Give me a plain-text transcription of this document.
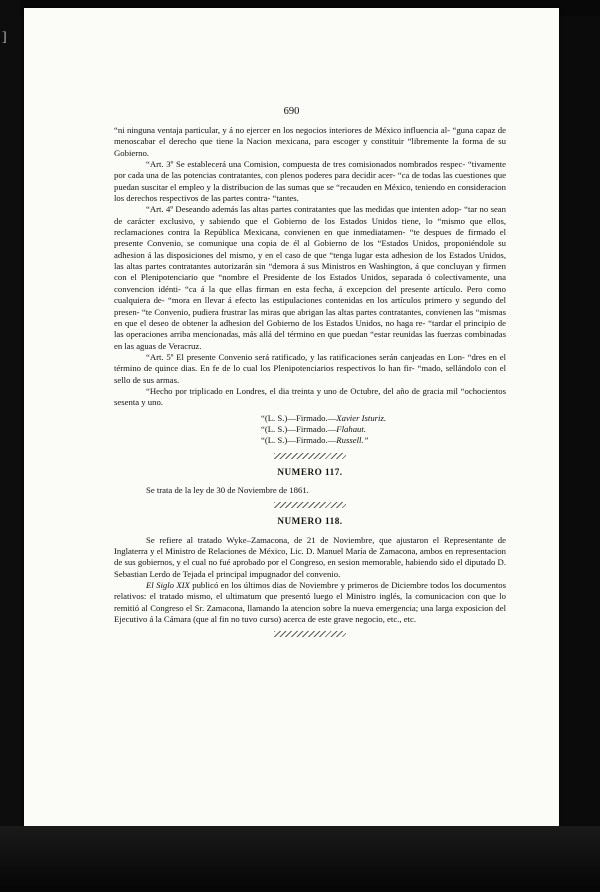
]
690

“ni ninguna ventaja particular, y á no ejercer en los negocios interiores de México influencia al- “guna capaz de menoscabar el derecho que tiene la Nacion mexicana, para escoger y constituir “libremente la forma de su Gobierno.

“Art. 3º Se establecerá una Comision, compuesta de tres comisionados nombrados respec- “tivamente por cada una de las potencias contratantes, con plenos poderes para decidir acer- “ca de todas las cuestiones que puedan suscitar el empleo y la distribucion de las sumas que se “recauden en México, teniendo en consideracion los derechos respectivos de las partes contra- “tantes.

“Art. 4º Deseando además las altas partes contratantes que las medidas que intenten adop- “tar no sean de carácter exclusivo, y sabiendo que el Gobierno de los Estados Unidos tiene, lo “mismo que ellos, reclamaciones contra la República Mexicana, convienen en que inmediatamen- “te despues de firmado el presente Convenio, se comunique una copia de él al Gobierno de los “Estados Unidos, proponiéndole su adhesion á las disposiciones del mismo, y en el caso de que “tenga lugar esta adhesion de los Estados Unidos, las altas partes contratantes autorizarán sin “demora á sus Ministros en Washington, á que concluyan y firmen con el Plenipotenciario que “nombre el Presidente de los Estados Unidos, separada ó colectivamente, una convencion idénti- “ca á la que ellas firman en esta fecha, á excepcion del presente artículo. Pero como cualquiera de- “mora en llevar á efecto las estipulaciones contenidas en los artículos primero y segundo del presen- “te Convenio, pudiera frustrar las miras que abrigan las altas partes contratantes, convienen las “mismas en que el deseo de obtener la adhesion del Gobierno de los Estados Unidos, no haga re- “tardar el principio de las operaciones arriba mencionadas, más allá del término en que puedan “estar reunidas las fuerzas combinadas en las aguas de Veracruz.

“Art. 5º El presente Convenio será ratificado, y las ratificaciones serán canjeadas en Lon- “dres en el término de quince dias. En fe de lo cual los Plenipotenciarios respectivos lo han fir- “mado, sellándolo con el sello de sus armas.

“Hecho por triplicado en Londres, el dia treinta y uno de Octubre, del año de gracia mil “ochocientos sesenta y uno.

“(L. S.)—Firmado.—Xavier Isturiz.
“(L. S.)—Firmado.—Flahaut.
“(L. S.)—Firmado.—Russell.”
NUMERO 117.

Se trata de la ley de 30 de Noviembre de 1861.

NUMERO 118.

Se refiere al tratado Wyke–Zamacona, de 21 de Noviembre, que ajustaron el Representante de Inglaterra y el Ministro de Relaciones de México, Lic. D. Manuel María de Zamacona, ambos en representacion de sus gobiernos, y el cual no fué aprobado por el Congreso, en sesion memorable, habiendo sido el diputado D. Sebastian Lerdo de Tejada el principal impugnador del convenio.

El Siglo XIX publicó en los últimos dias de Noviembre y primeros de Diciembre todos los documentos relativos: el tratado mismo, el ultimatum que presentó luego el Ministro inglés, la comunicacion con que lo remitió al Congreso el Sr. Zamacona, llamando la atencion sobre la nueva emergencia; una larga exposicion del Ejecutivo á la Cámara (que al fin no tuvo curso) acerca de este grave negocio, etc., etc.
